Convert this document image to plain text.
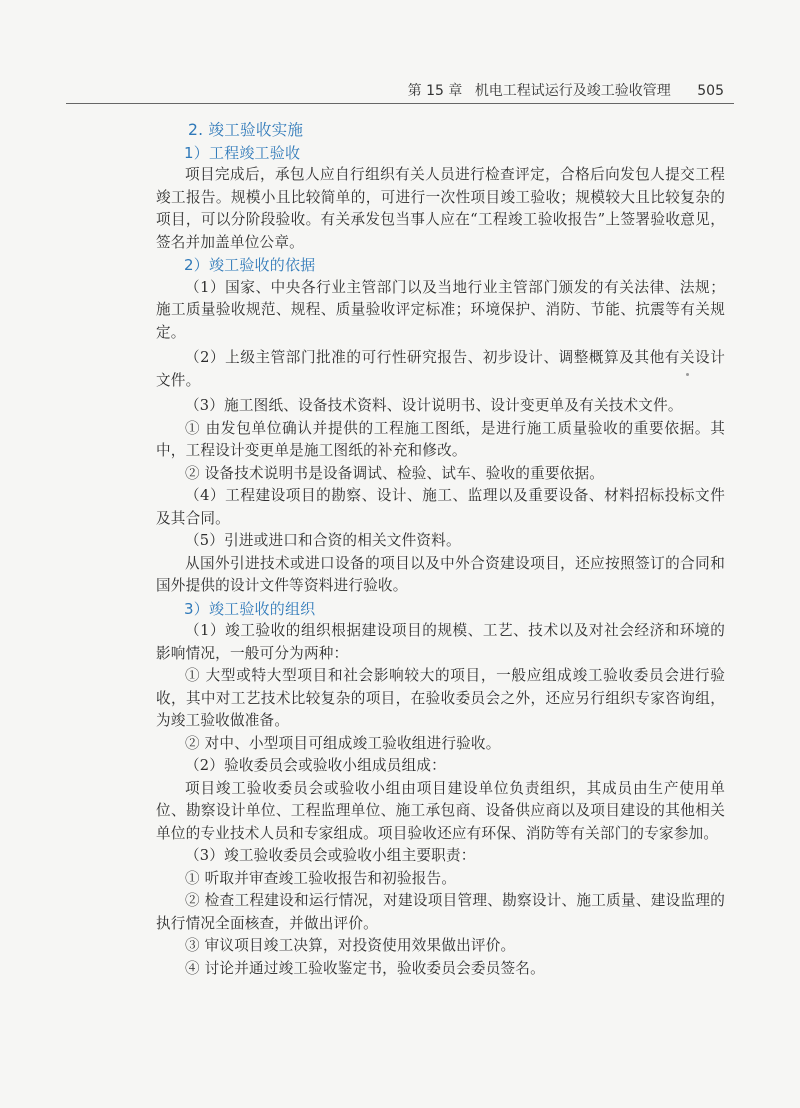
第 15 章 机电工程试运行及竣工验收管理 505
2. 竣工验收实施
1）工程竣工验收

项目完成后，承包人应自行组织有关人员进行检查评定，合格后向发包人提交工程竣工报告。规模小且比较简单的，可进行一次性项目竣工验收；规模较大且比较复杂的项目，可以分阶段验收。有关承发包当事人应在“工程竣工验收报告”上签署验收意见，签名并加盖单位公章。

2）竣工验收的依据

（1）国家、中央各行业主管部门以及当地行业主管部门颁发的有关法律、法规；施工质量验收规范、规程、质量验收评定标准；环境保护、消防、节能、抗震等有关规定。

（2）上级主管部门批准的可行性研究报告、初步设计、调整概算及其他有关设计文件。

（3）施工图纸、设备技术资料、设计说明书、设计变更单及有关技术文件。

① 由发包单位确认并提供的工程施工图纸，是进行施工质量验收的重要依据。其中，工程设计变更单是施工图纸的补充和修改。

② 设备技术说明书是设备调试、检验、试车、验收的重要依据。

（4）工程建设项目的勘察、设计、施工、监理以及重要设备、材料招标投标文件及其合同。

（5）引进或进口和合资的相关文件资料。

从国外引进技术或进口设备的项目以及中外合资建设项目，还应按照签订的合同和国外提供的设计文件等资料进行验收。

3）竣工验收的组织

（1）竣工验收的组织根据建设项目的规模、工艺、技术以及对社会经济和环境的影响情况，一般可分为两种：

① 大型或特大型项目和社会影响较大的项目，一般应组成竣工验收委员会进行验收，其中对工艺技术比较复杂的项目，在验收委员会之外，还应另行组织专家咨询组，为竣工验收做准备。

② 对中、小型项目可组成竣工验收组进行验收。

（2）验收委员会或验收小组成员组成：

项目竣工验收委员会或验收小组由项目建设单位负责组织，其成员由生产使用单位、勘察设计单位、工程监理单位、施工承包商、设备供应商以及项目建设的其他相关单位的专业技术人员和专家组成。项目验收还应有环保、消防等有关部门的专家参加。

（3）竣工验收委员会或验收小组主要职责：

① 听取并审查竣工验收报告和初验报告。

② 检查工程建设和运行情况，对建设项目管理、勘察设计、施工质量、建设监理的执行情况全面核查，并做出评价。

③ 审议项目竣工决算，对投资使用效果做出评价。

④ 讨论并通过竣工验收鉴定书，验收委员会委员签名。
